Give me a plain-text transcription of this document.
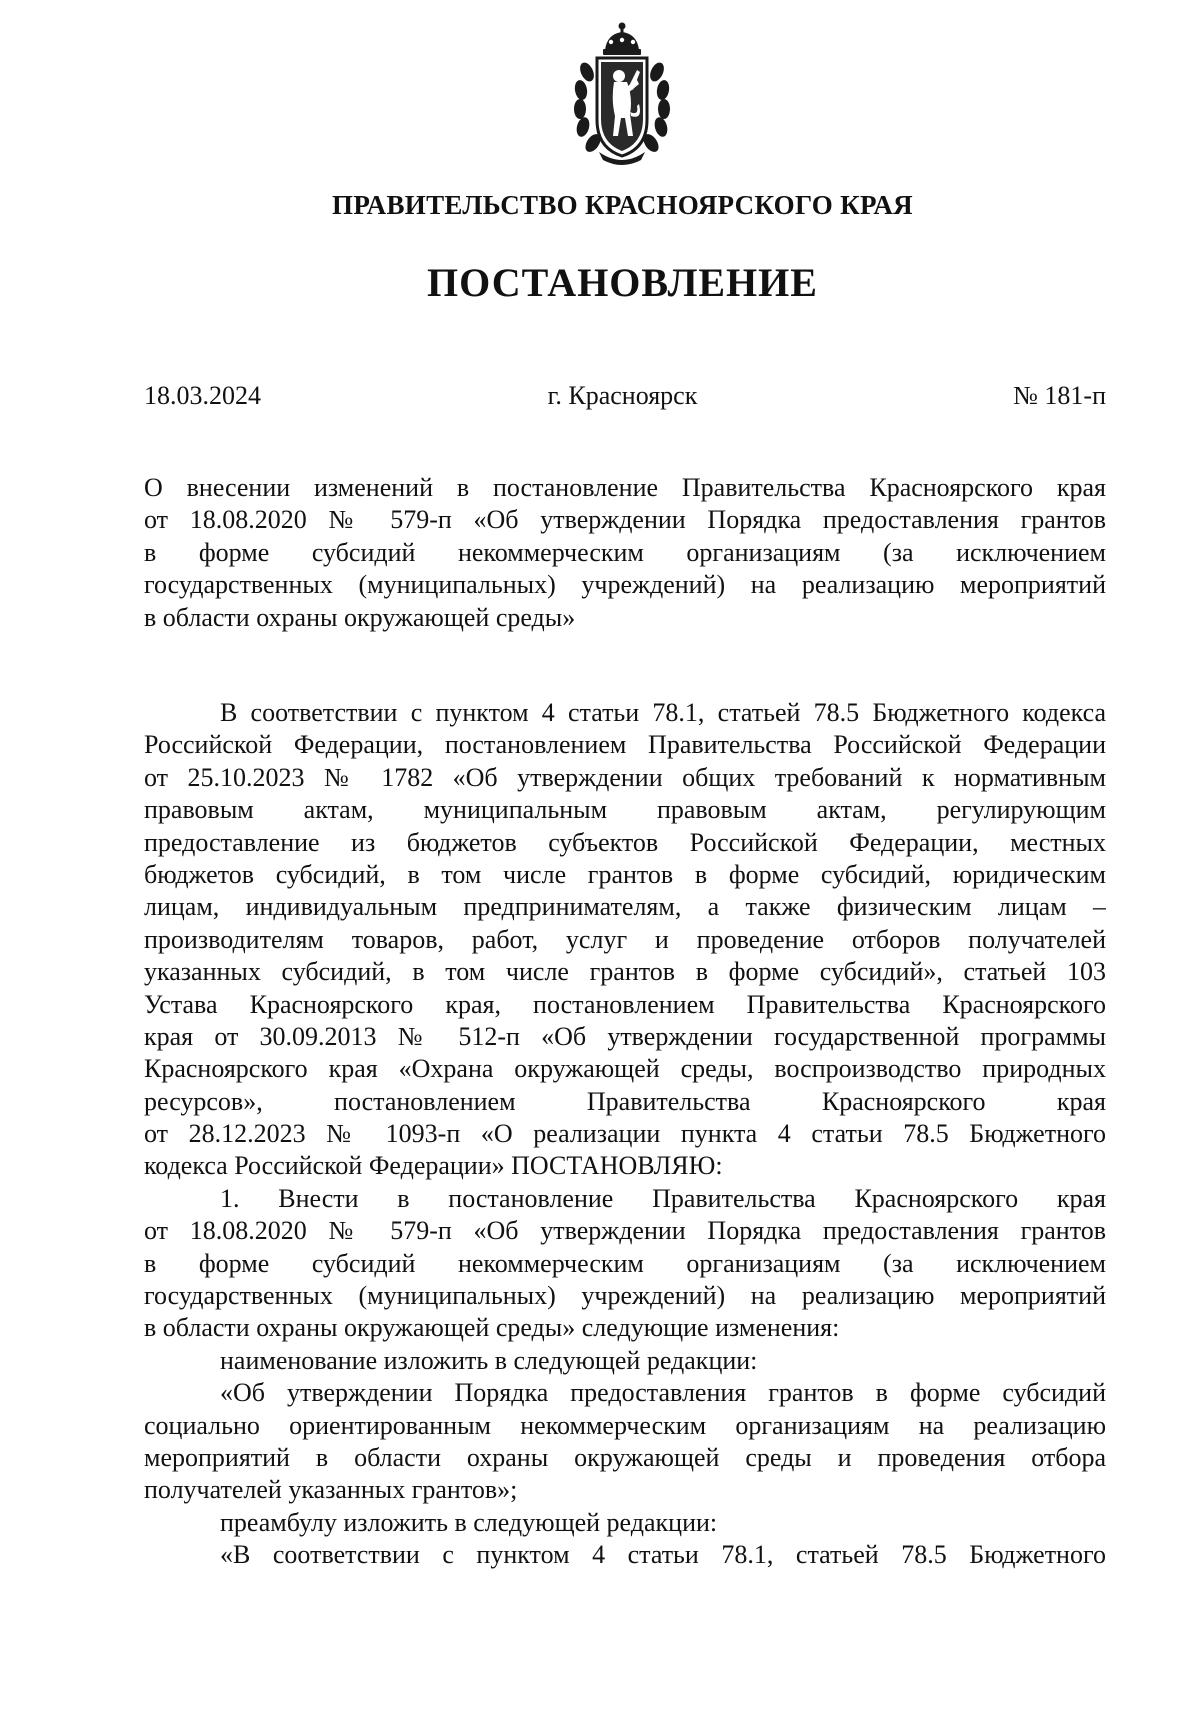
ПРАВИТЕЛЬСТВО КРАСНОЯРСКОГО КРАЯ
ПОСТАНОВЛЕНИЕ
18.03.2024	г. Красноярск	№ 181-п
О внесении изменений в постановление Правительства Красноярского края
от 18.08.2020 № 579-п «Об утверждении Порядка предоставления грантов
в форме субсидий некоммерческим организациям (за исключением
государственных (муниципальных) учреждений) на реализацию мероприятий
в области охраны окружающей среды»
В соответствии с пунктом 4 статьи 78.1, статьей 78.5 Бюджетного кодекса
Российской Федерации, постановлением Правительства Российской Федерации
от 25.10.2023 № 1782 «Об утверждении общих требований к нормативным
правовым актам, муниципальным правовым актам, регулирующим
предоставление из бюджетов субъектов Российской Федерации, местных
бюджетов субсидий, в том числе грантов в форме субсидий, юридическим
лицам, индивидуальным предпринимателям, а также физическим лицам –
производителям товаров, работ, услуг и проведение отборов получателей
указанных субсидий, в том числе грантов в форме субсидий», статьей 103
Устава Красноярского края, постановлением Правительства Красноярского
края от 30.09.2013 № 512-п «Об утверждении государственной программы
Красноярского края «Охрана окружающей среды, воспроизводство природных
ресурсов», постановлением Правительства Красноярского края
от 28.12.2023 № 1093-п «О реализации пункта 4 статьи 78.5 Бюджетного
кодекса Российской Федерации» ПОСТАНОВЛЯЮ:
1. Внести в постановление Правительства Красноярского края
от 18.08.2020 № 579-п «Об утверждении Порядка предоставления грантов
в форме субсидий некоммерческим организациям (за исключением
государственных (муниципальных) учреждений) на реализацию мероприятий
в области охраны окружающей среды» следующие изменения:
наименование изложить в следующей редакции:
«Об утверждении Порядка предоставления грантов в форме субсидий
социально ориентированным некоммерческим организациям на реализацию
мероприятий в области охраны окружающей среды и проведения отбора
получателей указанных грантов»;
преамбулу изложить в следующей редакции:
«В соответствии с пунктом 4 статьи 78.1, статьей 78.5 Бюджетного
